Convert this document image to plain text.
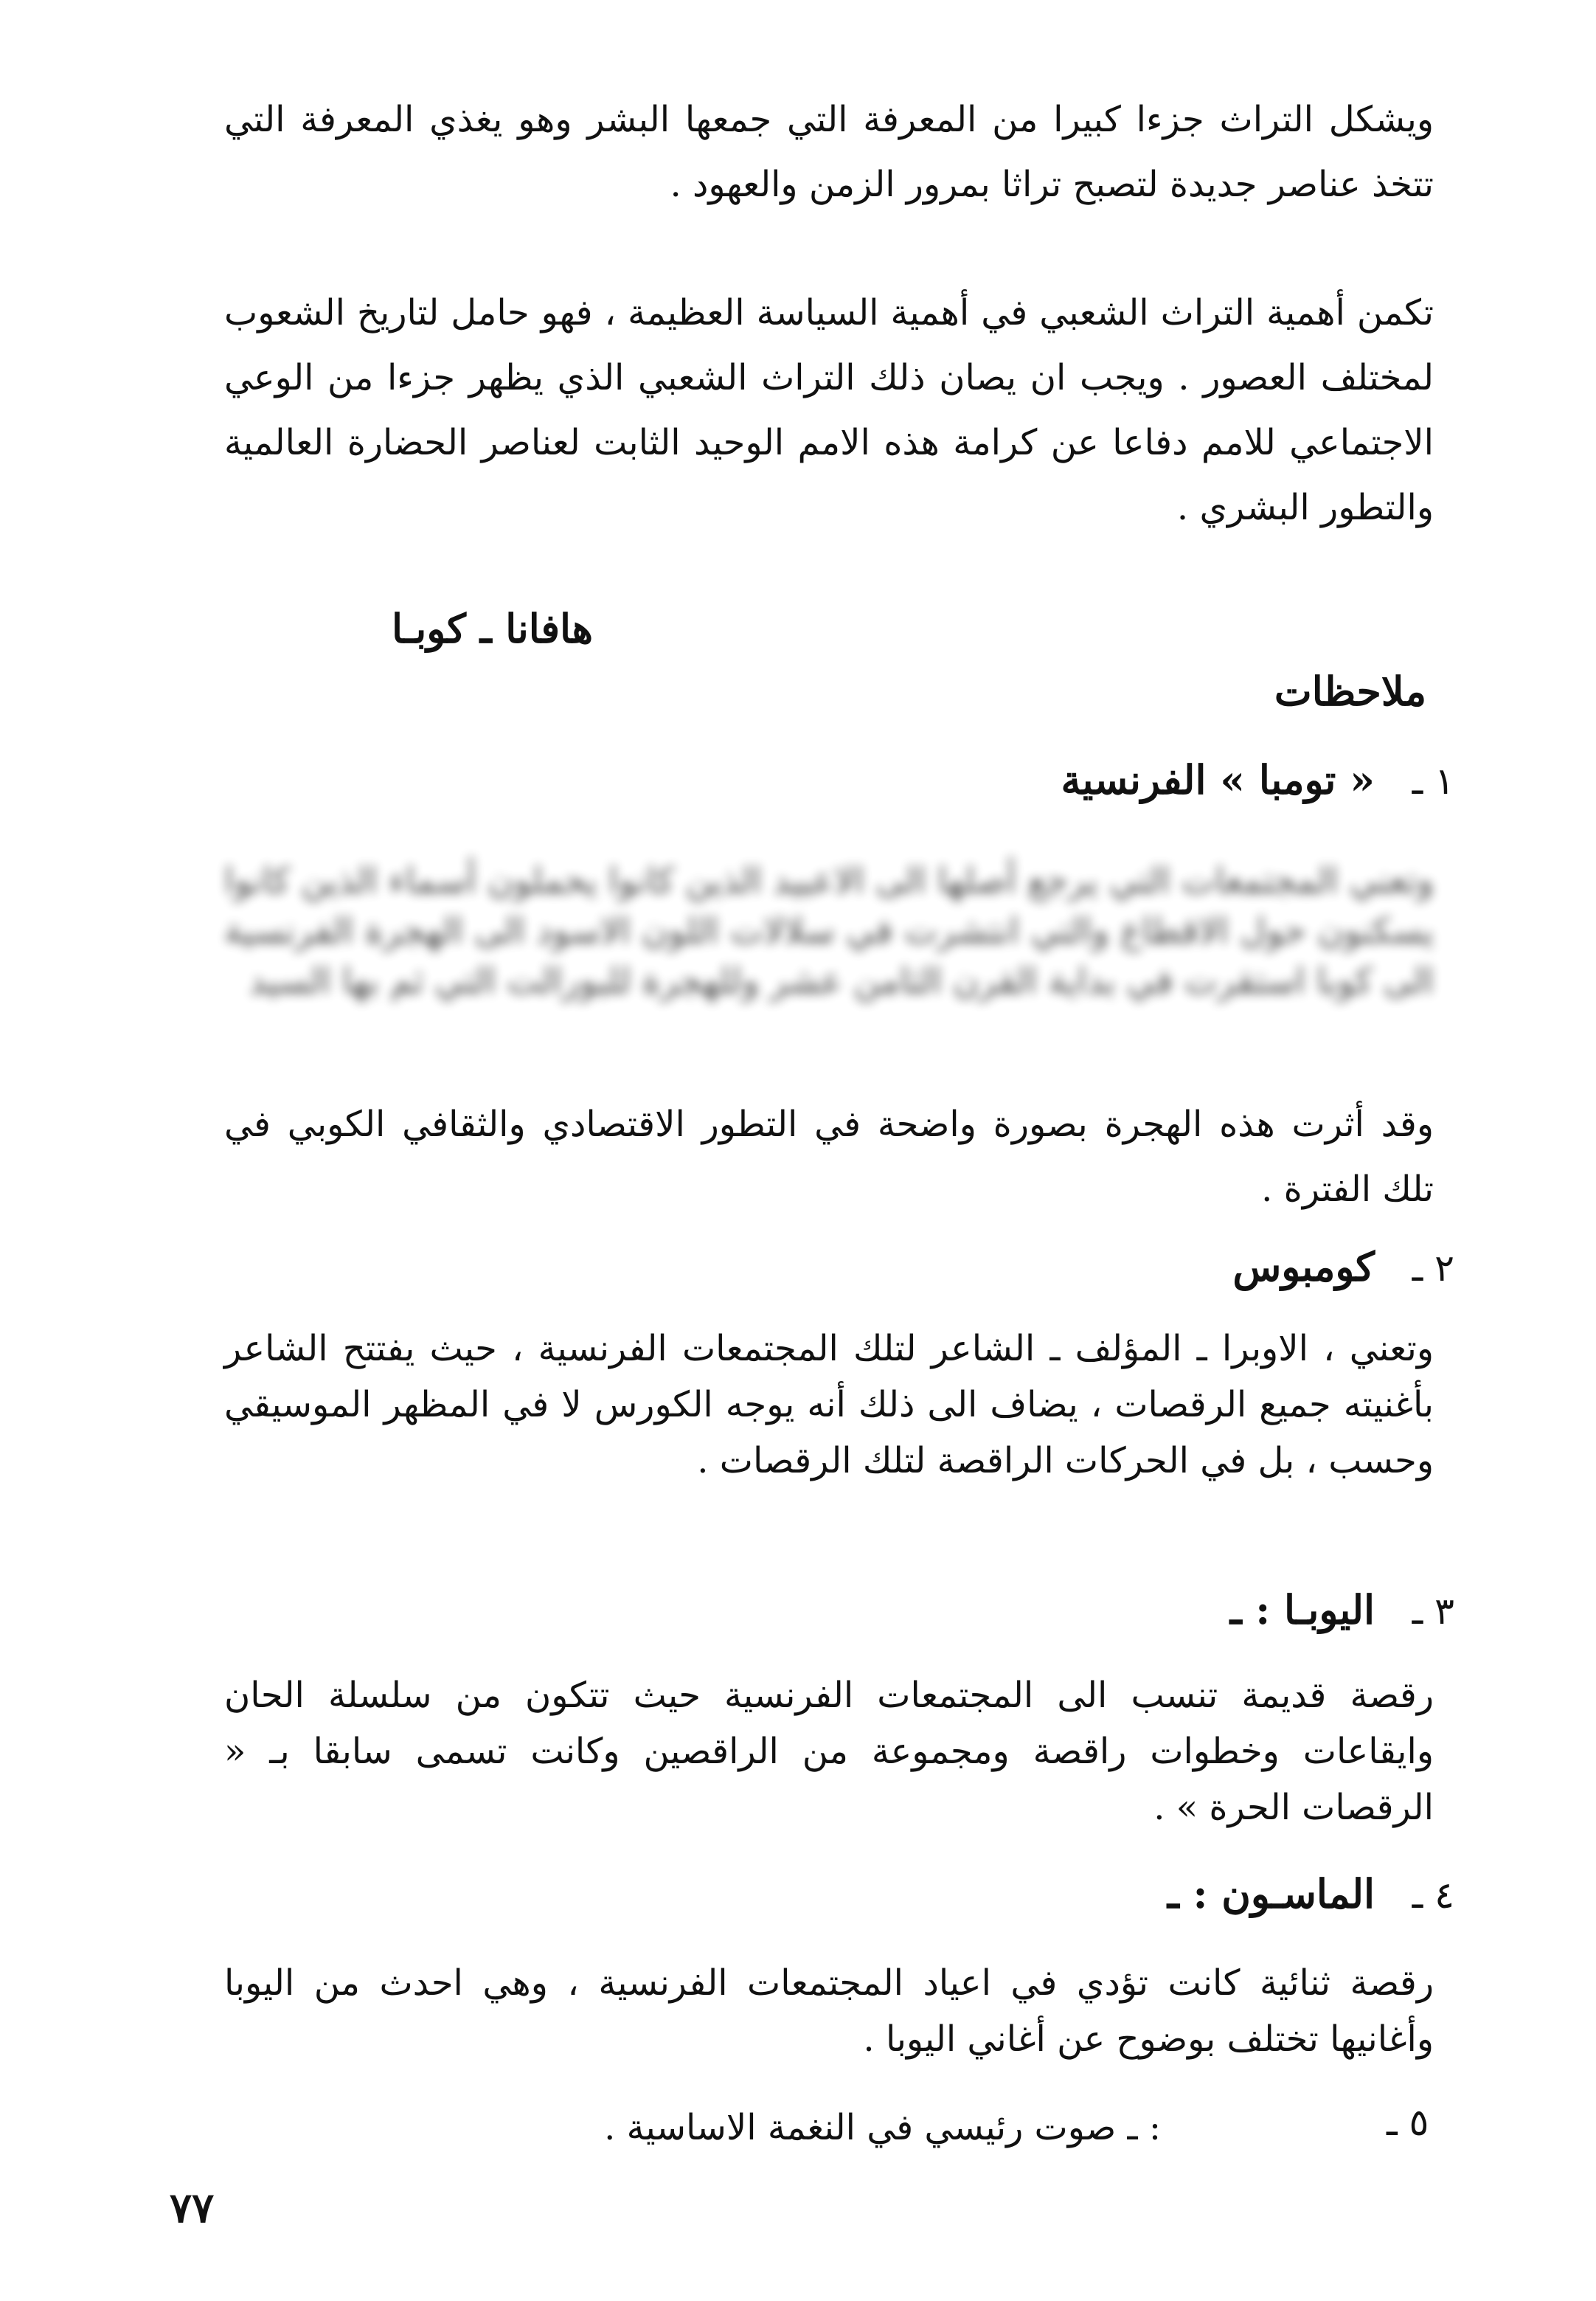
ويشكل التراث جزءا كبيرا من المعرفة التي جمعها البشر وهو يغذي المعرفة التي تتخذ عناصر جديدة لتصبح تراثا بمرور الزمن والعهود .

تكمن أهمية التراث الشعبي في أهمية السياسة العظيمة ، فهو حامل لتاريخ الشعوب لمختلف العصور . ويجب ان يصان ذلك التراث الشعبي الذي يظهر جزءا من الوعي الاجتماعي للامم دفاعا عن كرامة هذه الامم الوحيد الثابت لعناصر الحضارة العالمية والتطور البشري .

هافانا ـ كوبـا
ملاحظات
١ ـ
« تومبا » الفرنسية

وتعني المجتمعات التي يرجع أصلها الى الاعبيد الذين كانوا يحملون أسماء الذين كانوا يسكنون حول الاقطاع والتي انتشرت في سلالات اللون الاسود الى الهجرة الفرنسية الى كوبا استقرت في بداية القرن الثامن عشر وللهجرة للبورالت التي ثم بها السيد

وقد أثرت هذه الهجرة بصورة واضحة في التطور الاقتصادي والثقافي الكوبي في تلك الفترة .

٢ ـ
كومبوس

وتعني ، الاوبرا ـ المؤلف ـ الشاعر لتلك المجتمعات الفرنسية ، حيث يفتتح الشاعر بأغنيته جميع الرقصات ، يضاف الى ذلك أنه يوجه الكورس لا في المظهر الموسيقي وحسب ، بل في الحركات الراقصة لتلك الرقصات .

٣ ـ
اليوبـا : ـ

رقصة قديمة تنسب الى المجتمعات الفرنسية حيث تتكون من سلسلة الحان وايقاعات وخطوات راقصة ومجموعة من الراقصين وكانت تسمى سابقا بـ « الرقصات الحرة » .

٤ ـ
الماسـون : ـ

رقصة ثنائية كانت تؤدي في اعياد المجتمعات الفرنسية ، وهي احدث من اليوبا وأغانيها تختلف بوضوح عن أغاني اليوبا .

٥ ـ

: ـ صوت رئيسي في النغمة الاساسية .

٧٧
